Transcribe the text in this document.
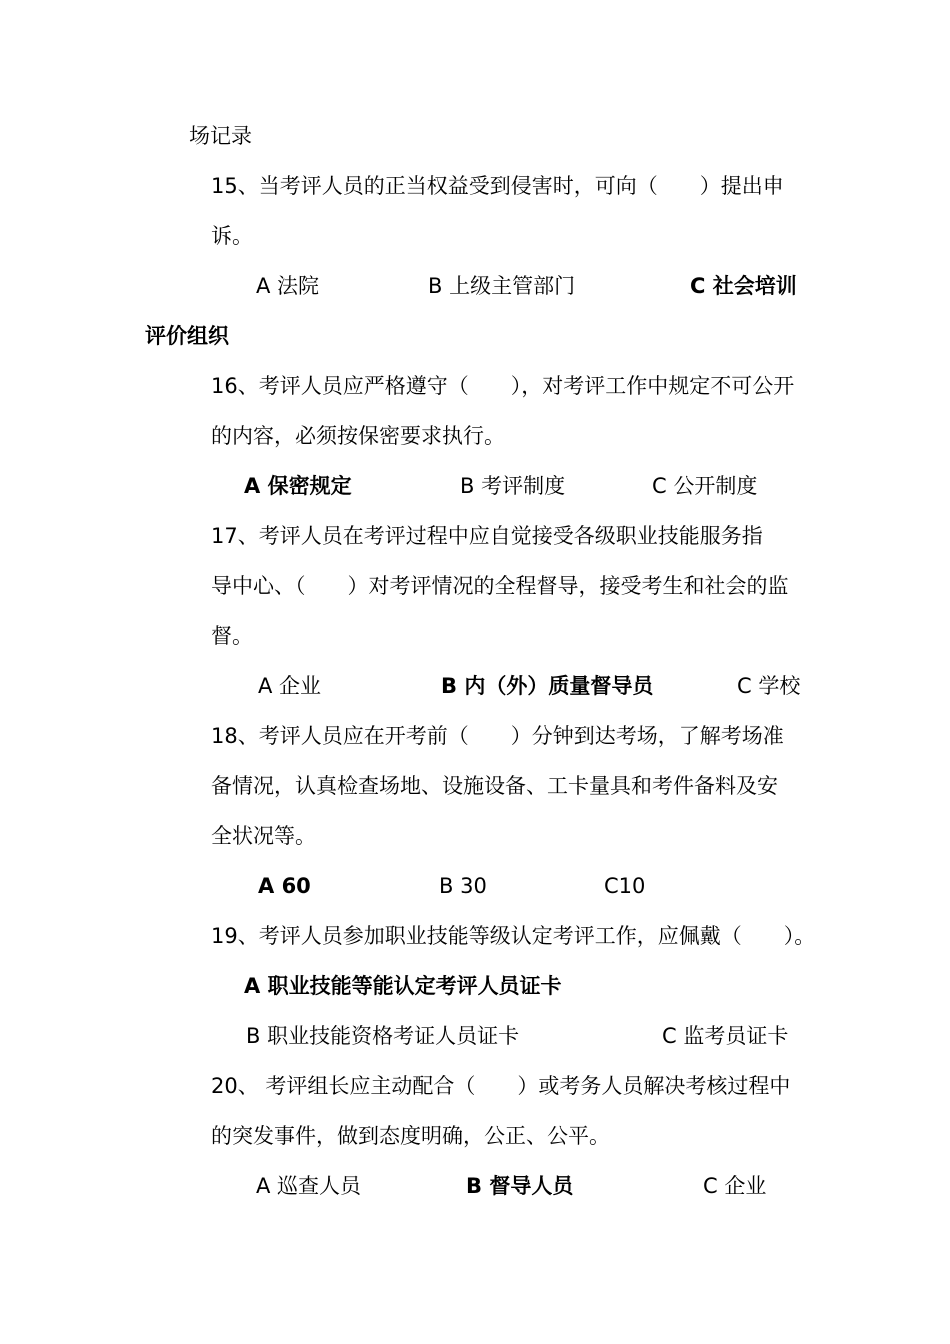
场记录
15、当考评人员的正当权益受到侵害时，可向（　　）提出申
诉。
A 法院	B 上级主管部门	C 社会培训
评价组织
16、考评人员应严格遵守（　　），对考评工作中规定不可公开
的内容，必须按保密要求执行。
A 保密规定	B 考评制度	C 公开制度
17、考评人员在考评过程中应自觉接受各级职业技能服务指
导中心、（　　）对考评情况的全程督导，接受考生和社会的监
督。
A 企业	B 内（外）质量督导员	C 学校
18、考评人员应在开考前（　　）分钟到达考场，了解考场准
备情况，认真检查场地、设施设备、工卡量具和考件备料及安
全状况等。
A 60	B 30	C10
19、考评人员参加职业技能等级认定考评工作，应佩戴（　　）。
A 职业技能等能认定考评人员证卡
B 职业技能资格考证人员证卡	C 监考员证卡
20、 考评组长应主动配合（　　）或考务人员解决考核过程中
的突发事件，做到态度明确，公正、公平。
A 巡查人员	B 督导人员	C 企业
